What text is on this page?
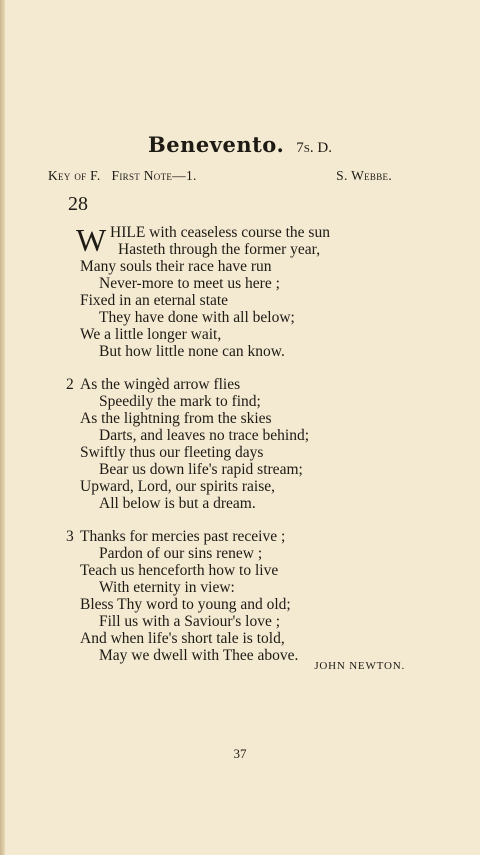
Benevento. 7s. D.
Key of F. First Note—1.	S. Webbe.
28
W HILE with ceaseless course the sun
Hasteth through the former year,
Many souls their race have run
Never-more to meet us here ;
Fixed in an eternal state
They have done with all below;
We a little longer wait,
But how little none can know.
2 As the wingèd arrow flies
Speedily the mark to find;
As the lightning from the skies
Darts, and leaves no trace behind;
Swiftly thus our fleeting days
Bear us down life's rapid stream;
Upward, Lord, our spirits raise,
All below is but a dream.
3 Thanks for mercies past receive ;
Pardon of our sins renew ;
Teach us henceforth how to live
With eternity in view:
Bless Thy word to young and old;
Fill us with a Saviour's love ;
And when life's short tale is told,
May we dwell with Thee above.
JOHN NEWTON.
37
